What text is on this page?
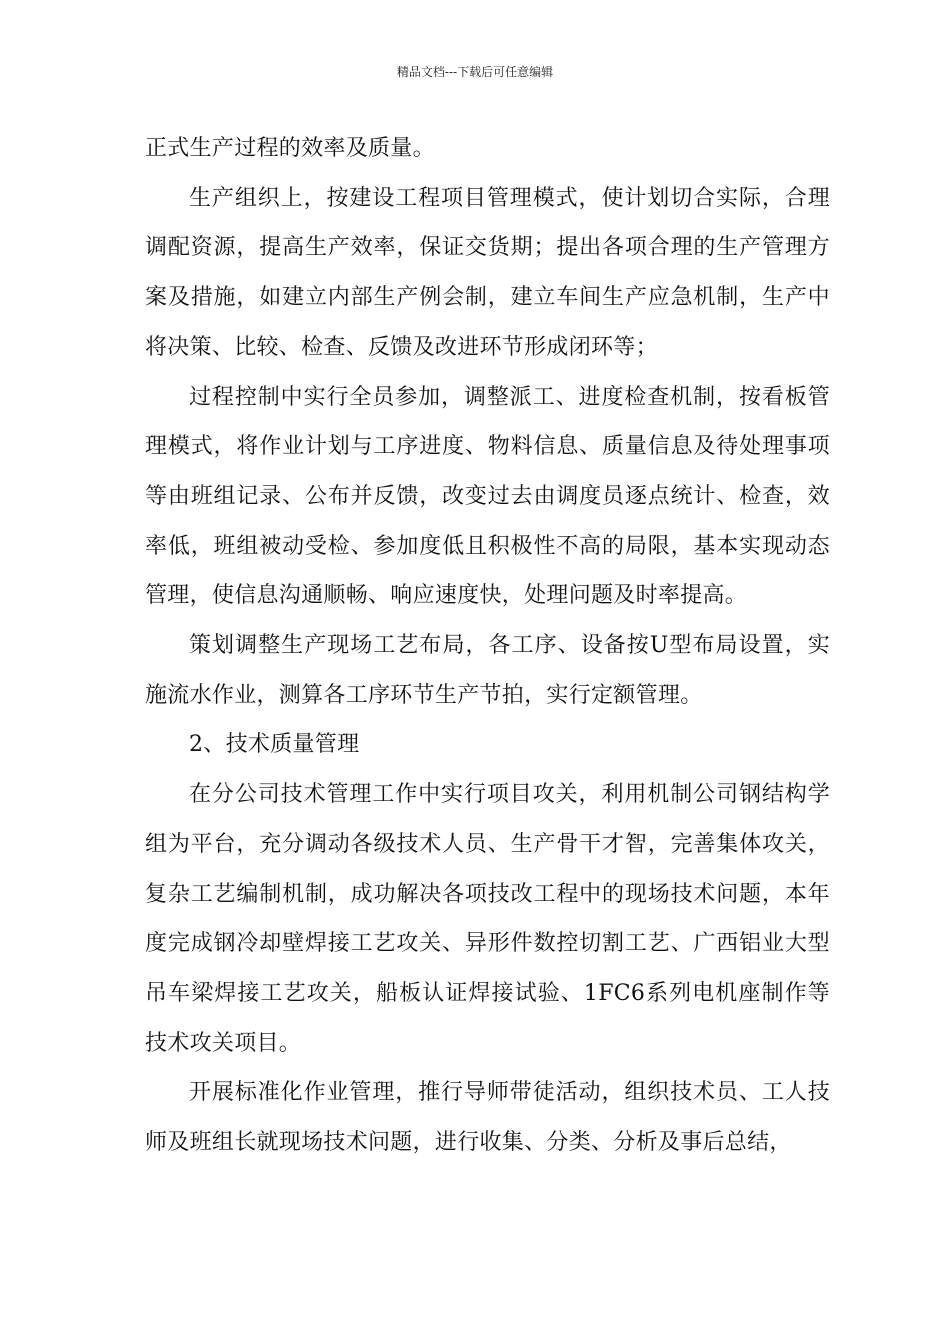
精品文档---下载后可任意编辑

正式生产过程的效率及质量。

生产组织上，按建设工程项目管理模式，使计划切合实际，合理调配资源，提高生产效率，保证交货期；提出各项合理的生产管理方案及措施，如建立内部生产例会制，建立车间生产应急机制，生产中将决策、比较、检查、反馈及改进环节形成闭环等；

过程控制中实行全员参加，调整派工、进度检查机制，按看板管理模式，将作业计划与工序进度、物料信息、质量信息及待处理事项等由班组记录、公布并反馈，改变过去由调度员逐点统计、检查，效率低，班组被动受检、参加度低且积极性不高的局限，基本实现动态管理，使信息沟通顺畅、响应速度快，处理问题及时率提高。

策划调整生产现场工艺布局，各工序、设备按U型布局设置，实施流水作业，测算各工序环节生产节拍，实行定额管理。

2、技术质量管理

在分公司技术管理工作中实行项目攻关，利用机制公司钢结构学组为平台，充分调动各级技术人员、生产骨干才智，完善集体攻关，复杂工艺编制机制，成功解决各项技改工程中的现场技术问题，本年度完成钢冷却壁焊接工艺攻关、异形件数控切割工艺、广西铝业大型吊车梁焊接工艺攻关，船板认证焊接试验、1FC6系列电机座制作等技术攻关项目。

开展标准化作业管理，推行导师带徒活动，组织技术员、工人技师及班组长就现场技术问题，进行收集、分类、分析及事后总结，
